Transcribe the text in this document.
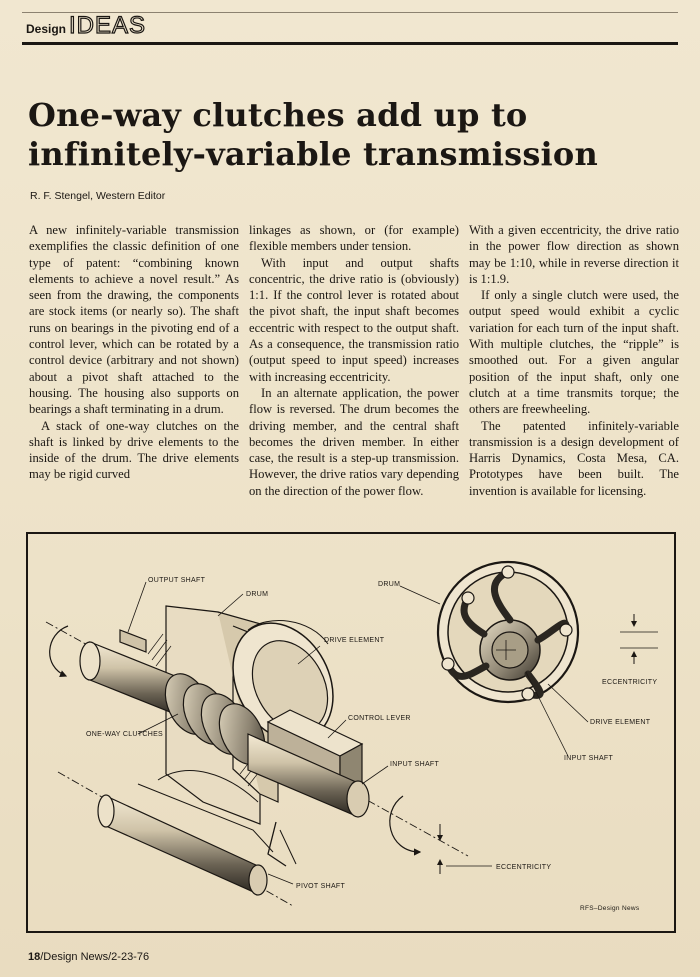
Design IDEAS
One-way clutches add up to
infinitely-variable transmission
R. F. Stengel, Western Editor

A new infinitely-variable transmission exemplifies the classic definition of one type of patent: “combining known elements to achieve a novel result.” As seen from the drawing, the components are stock items (or nearly so). The shaft runs on bearings in the pivoting end of a control lever, which can be rotated by a control device (arbitrary and not shown) about a pivot shaft attached to the housing. The housing also supports on bearings a shaft terminating in a drum.

A stack of one-way clutches on the shaft is linked by drive elements to the inside of the drum. The drive elements may be rigid curved

linkages as shown, or (for example) flexible members under tension.

With input and output shafts concentric, the drive ratio is (obviously) 1:1. If the control lever is rotated about the pivot shaft, the input shaft becomes eccentric with respect to the output shaft. As a consequence, the transmission ratio (output speed to input speed) increases with increasing eccentricity.

In an alternate application, the power flow is reversed. The drum becomes the driving member, and the central shaft becomes the driven member. In either case, the result is a step-up transmission. However, the drive ratios vary depending on the direction of the power flow.

With a given eccentricity, the drive ratio in the power flow direction as shown may be 1:10, while in reverse direction it is 1:1.9.

If only a single clutch were used, the output speed would exhibit a cyclic variation for each turn of the input shaft. With multiple clutches, the “ripple” is smoothed out. For a given angular position of the input shaft, only one clutch at a time transmits torque; the others are freewheeling.

The patented infinitely-variable transmission is a design development of Harris Dynamics, Costa Mesa, CA. Prototypes have been built. The invention is available for licensing.

OUTPUT SHAFT
DRUM
DRIVE ELEMENT
CONTROL LEVER
ONE-WAY CLUTCHES
INPUT SHAFT
PIVOT SHAFT
ECCENTRICITY
DRUM
ECCENTRICITY
DRIVE ELEMENT
INPUT SHAFT
RFS–Design News
18/Design News/2-23-76
